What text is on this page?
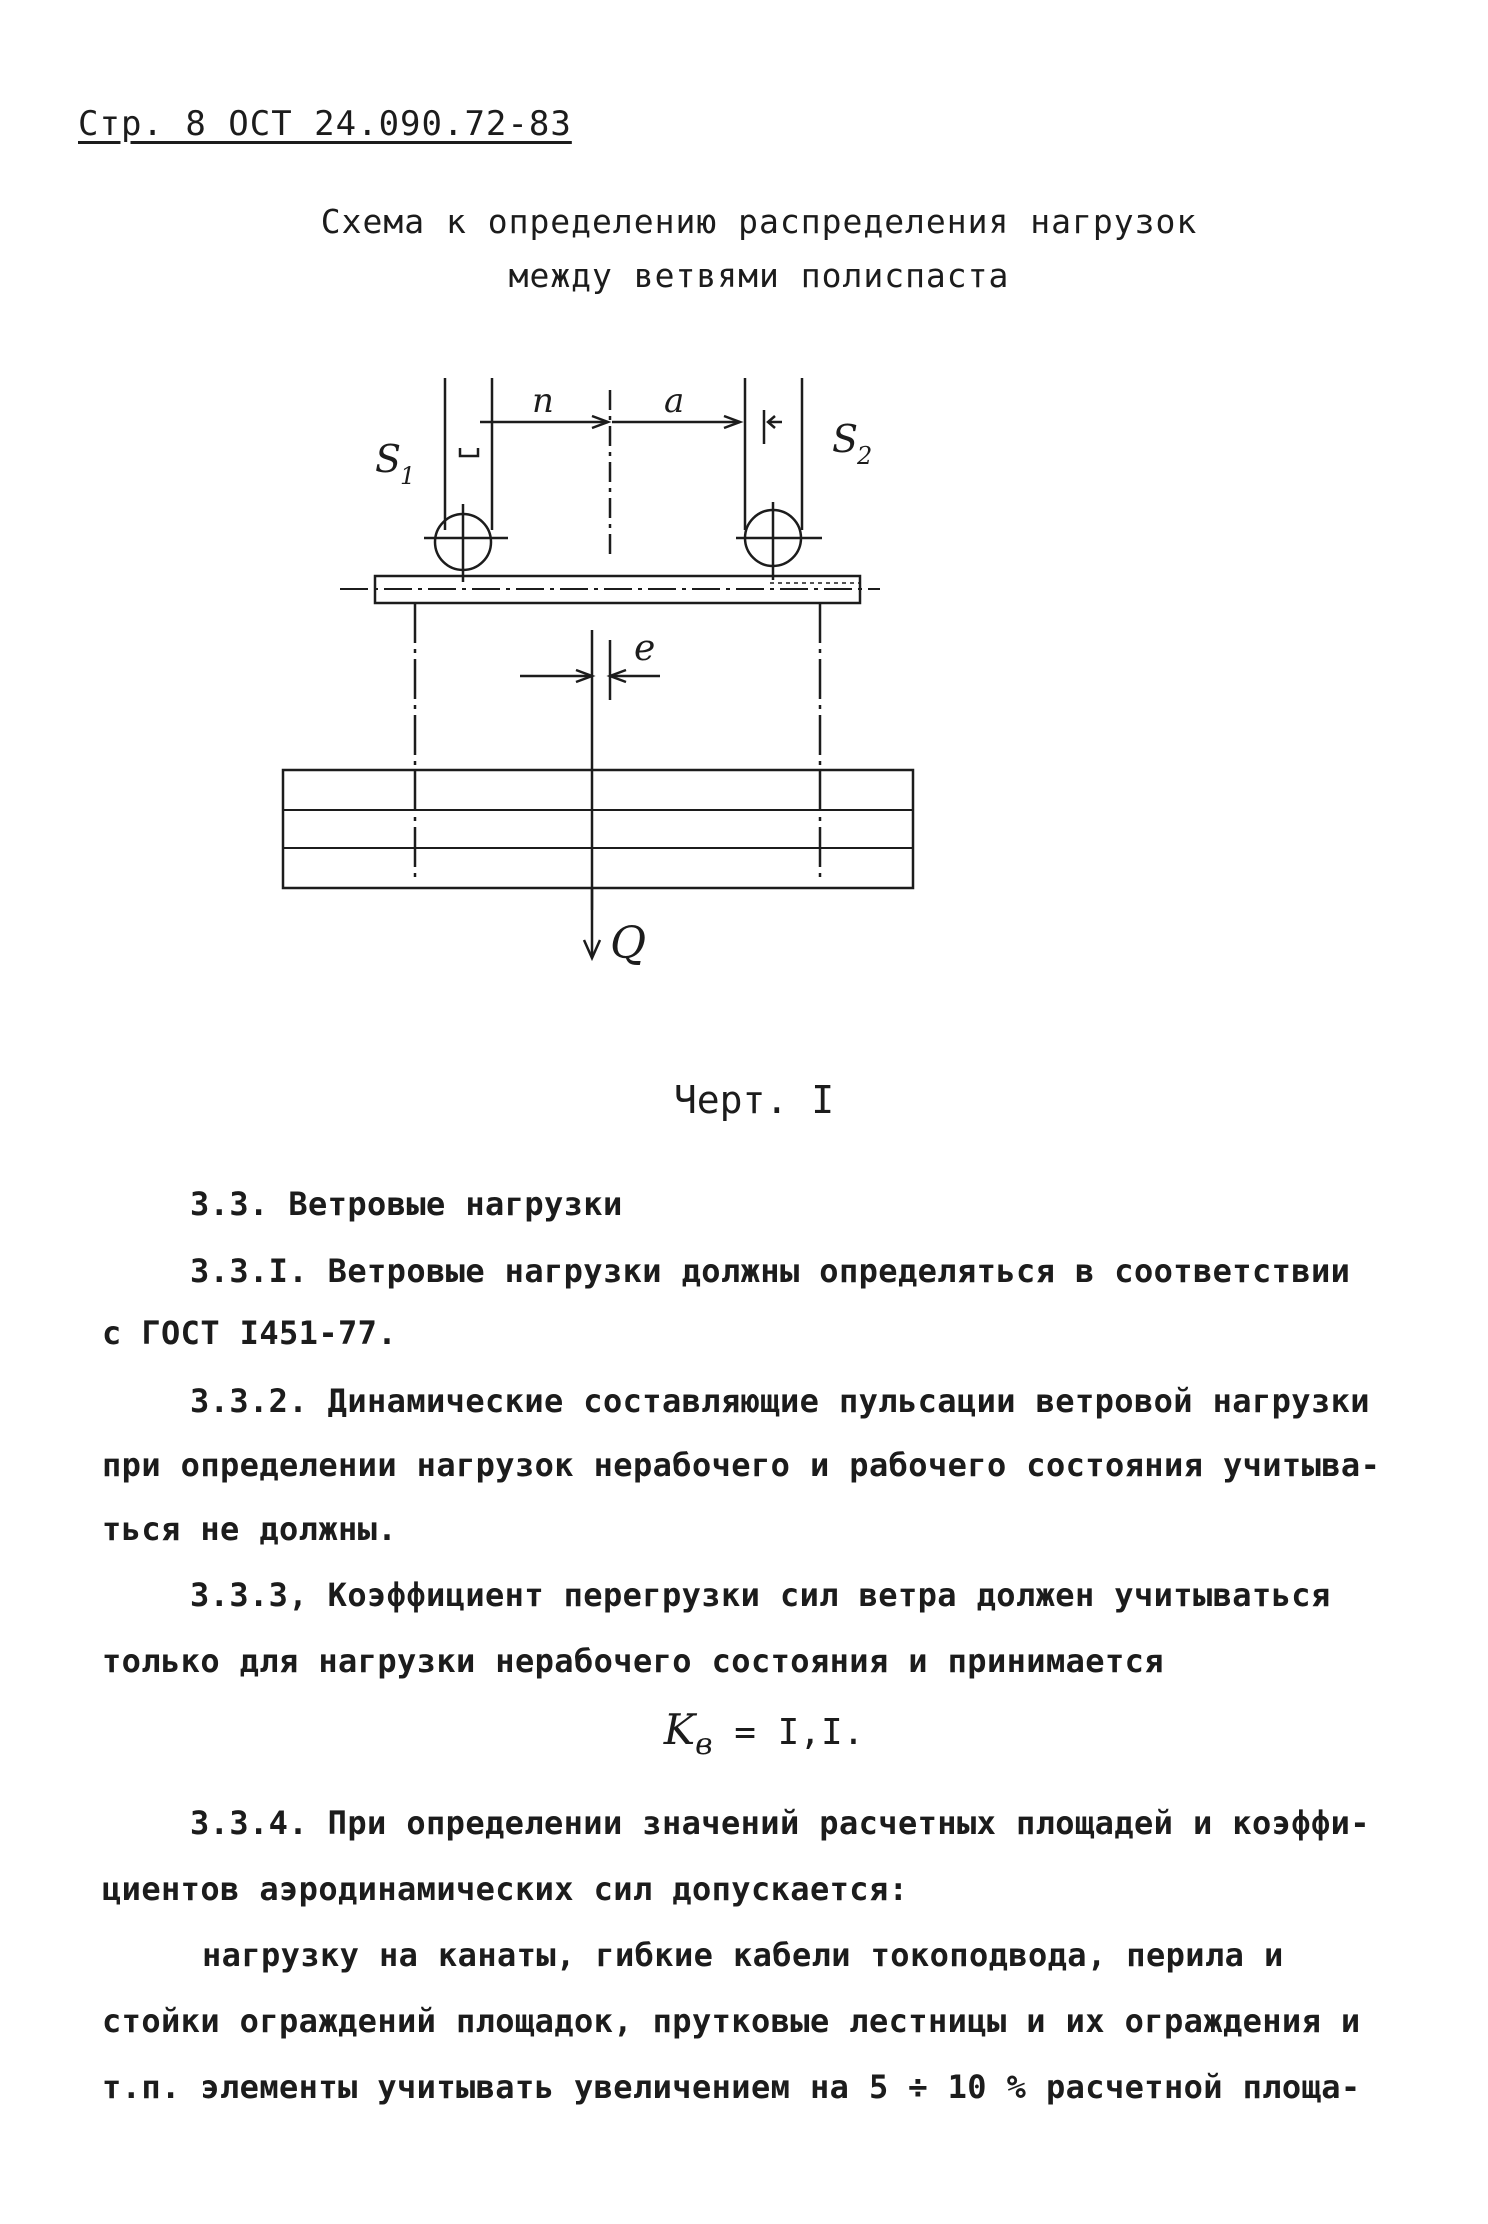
Стр. 8 ОСТ 24.090.72-83
Схема к определению распределения нагрузок
между ветвями полиспаста
S
1
S
2
n	a
e
Q
Черт. I
3.3. Ветровые нагрузки
3.3.I. Ветровые нагрузки должны определяться в соответствии
с ГОСТ I451-77.
3.3.2. Динамические составляющие пульсации ветровой нагрузки
при определении нагрузок нерабочего и рабочего состояния учитыва-
ться не должны.
3.3.3, Коэффициент перегрузки сил ветра должен учитываться
только для нагрузки нерабочего состояния и принимается
$K_в = I,I$.
3.3.4. При определении значений расчетных площадей и коэффи-
циентов аэродинамических сил допускается:
нагрузку на канаты, гибкие кабели токоподвода, перила и
стойки ограждений площадок, прутковые лестницы и их ограждения и
т.п. элементы учитывать увеличением на 5 ÷ 10 % расчетной площа-
